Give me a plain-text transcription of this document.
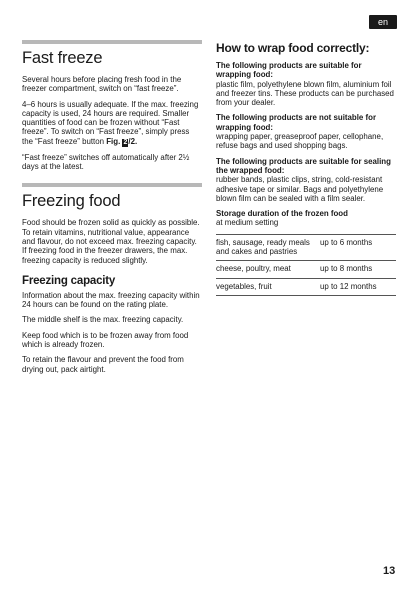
en
Fast freeze

Several hours before placing fresh food in the freezer compartment, switch on “fast freeze”.

4–6 hours is usually adequate. If the max. freezing capacity is used, 24 hours are required. Smaller quantities of food can be frozen without “Fast freeze”. To switch on “Fast freeze”, simply press the “Fast freeze” button Fig. 2/2.

“Fast freeze” switches off automatically after 2½ days at the latest.

Freezing food

Food should be frozen solid as quickly as possible. To retain vitamins, nutritional value, appearance and flavour, do not exceed max. freezing capacity. If freezing food in the freezer drawers, the max. freezing capacity is reduced slightly.

Freezing capacity

Information about the max. freezing capacity within 24 hours can be found on the rating plate.

The middle shelf is the max. freezing capacity.

Keep food which is to be frozen away from food which is already frozen.

To retain the flavour and prevent the food from drying out, pack airtight.

How to wrap food correctly:

The following products are suitable for wrapping food:

plastic film, polyethylene blown film, aluminium foil and freezer tins. These products can be purchased from your dealer.

The following products are not suitable for wrapping food:

wrapping paper, greaseproof paper, cellophane, refuse bags and used shopping bags.

The following products are suitable for sealing the wrapped food:

rubber bands, plastic clips, string, cold-resistant adhesive tape or similar. Bags and polyethylene blown film can be sealed with a film sealer.

Storage duration of the frozen food

at medium setting

fish, sausage, ready meals and cakes and pastries	up to 6 months
cheese, poultry, meat	up to 8 months
vegetables, fruit	up to 12 months
13
